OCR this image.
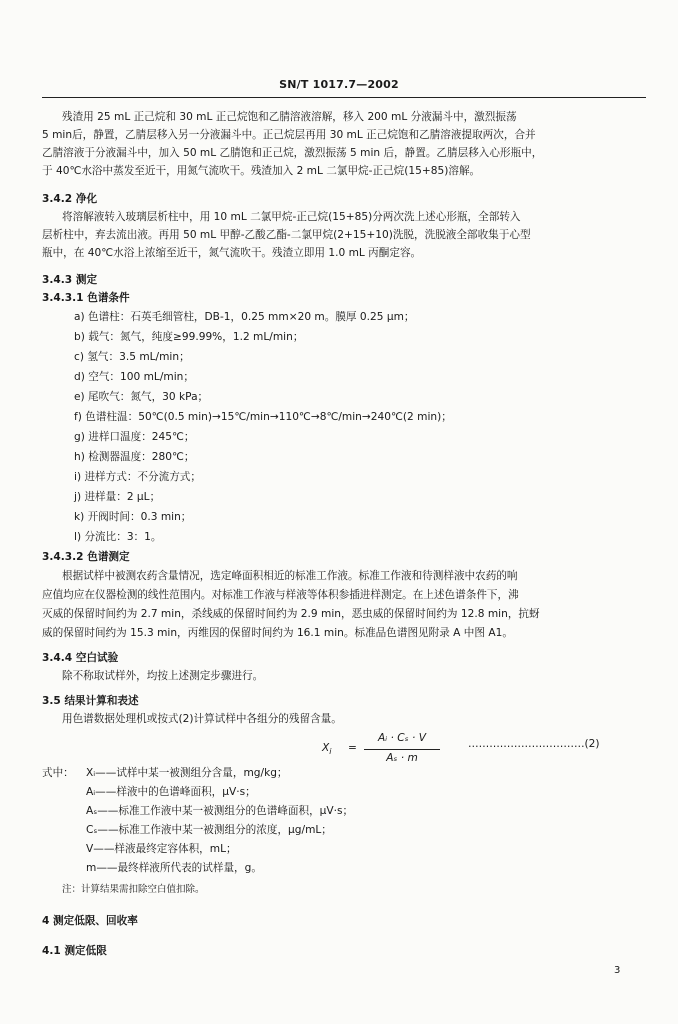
SN/T 1017.7—2002
残渣用 25 mL 正己烷和 30 mL 正己烷饱和乙腈溶液溶解，移入 200 mL 分液漏斗中，激烈振荡
5 min后，静置，乙腈层移入另一分液漏斗中。正己烷层再用 30 mL 正己烷饱和乙腈溶液提取两次，合并
乙腈溶液于分液漏斗中，加入 50 mL 乙腈饱和正己烷，激烈振荡 5 min 后，静置。乙腈层移入心形瓶中，
于 40℃水浴中蒸发至近干，用氮气流吹干。残渣加入 2 mL 二氯甲烷-正己烷(15+85)溶解。
3.4.2 净化
将溶解液转入玻璃层析柱中，用 10 mL 二氯甲烷-正己烷(15+85)分两次洗上述心形瓶，全部转入
层析柱中，弃去流出液。再用 50 mL 甲醇-乙酸乙酯-二氯甲烷(2+15+10)洗脱，洗脱液全部收集于心型
瓶中，在 40℃水浴上浓缩至近干，氮气流吹干。残渣立即用 1.0 mL 丙酮定容。
3.4.3 测定
3.4.3.1 色谱条件
a) 色谱柱：石英毛细管柱，DB-1，0.25 mm×20 m。膜厚 0.25 μm；
b) 载气：氮气，纯度≥99.99%，1.2 mL/min；
c) 氢气：3.5 mL/min；
d) 空气：100 mL/min；
e) 尾吹气：氮气，30 kPa；
f) 色谱柱温：50℃(0.5 min)→15℃/min→110℃→8℃/min→240℃(2 min)；
g) 进样口温度：245℃；
h) 检测器温度：280℃；
i) 进样方式：不分流方式；
j) 进样量：2 μL；
k) 开阀时间：0.3 min；
l) 分流比：3：1。
3.4.3.2 色谱测定
根据试样中被测农药含量情况，选定峰面积相近的标准工作液。标准工作液和待测样液中农药的响
应值均应在仪器检测的线性范围内。对标准工作液与样液等体积参插进样测定。在上述色谱条件下，沸
灭威的保留时间约为 2.7 min，杀线威的保留时间约为 2.9 min，恶虫威的保留时间约为 12.8 min，抗蚜
威的保留时间约为 15.3 min，丙维因的保留时间约为 16.1 min。标准品色谱图见附录 A 中图 A1。
3.4.4 空白试验
除不称取试样外，均按上述测定步骤进行。
3.5 结果计算和表述
用色谱数据处理机或按式(2)计算试样中各组分的残留含量。
$X_i$ =
Aᵢ · Cₛ · V
Aₛ · m
……………………………(2)
式中： Xᵢ——试样中某一被测组分含量，mg/kg；
Aᵢ——样液中的色谱峰面积，μV·s；
Aₛ——标准工作液中某一被测组分的色谱峰面积，μV·s；
Cₛ——标准工作液中某一被测组分的浓度，μg/mL；
V——样液最终定容体积，mL；
m——最终样液所代表的试样量，g。
注：计算结果需扣除空白值扣除。
4 测定低限、回收率
4.1 测定低限
3
